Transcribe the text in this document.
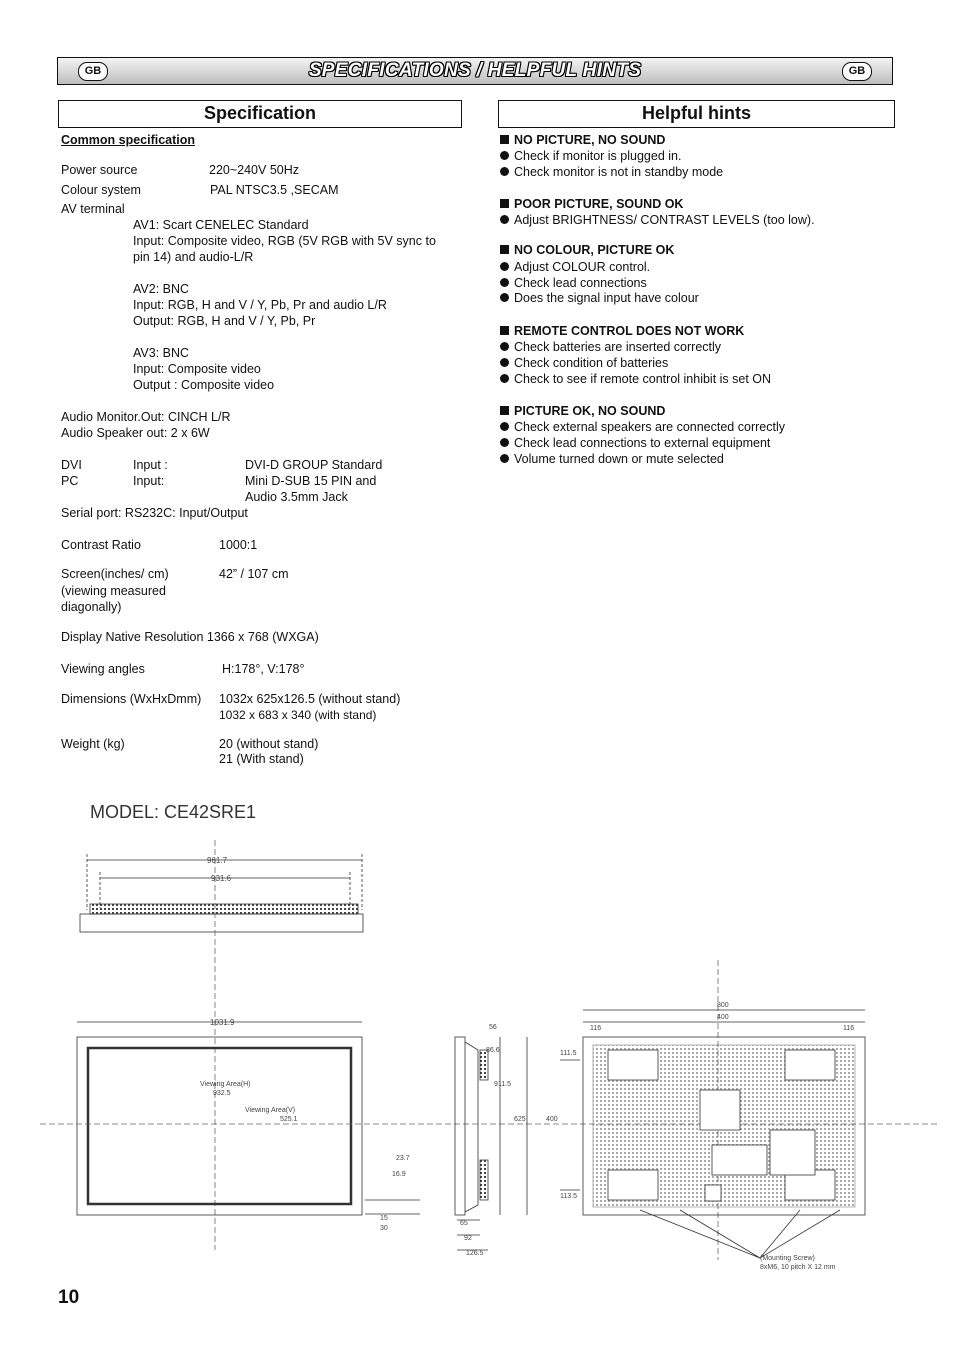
GB	SPECIFICATIONS / HELPFUL HINTS	GB
Specification	Helpful hints
Common specification
Power source	220~240V 50Hz
Colour system	PAL NTSC3.5 ,SECAM
AV terminal
AV1: Scart CENELEC Standard
Input: Composite video, RGB (5V RGB with 5V sync to
pin 14) and audio-L/R
AV2: BNC
Input: RGB, H and V / Y, Pb, Pr and audio L/R
Output: RGB, H and V / Y, Pb, Pr
AV3: BNC
Input: Composite video
Output : Composite video
Audio Monitor.Out: CINCH L/R
Audio Speaker out: 2 x 6W
DVI	Input :	DVI-D GROUP Standard
PC	Input:	Mini D-SUB 15 PIN and
Audio 3.5mm Jack
Serial port: RS232C: Input/Output
Contrast Ratio	1000:1
Screen(inches/ cm)	42” / 107 cm
(viewing measured
diagonally)
Display Native Resolution 1366 x 768 (WXGA)
Viewing angles	H:178°, V:178°
Dimensions (WxHxDmm) 1032x 625x126.5 (without stand)
1032 x 683 x 340 (with stand)
Weight (kg)	20 (without stand)
21 (With stand)
NO PICTURE, NO SOUND
Check if monitor is plugged in.
Check monitor is not in standby mode
POOR PICTURE, SOUND OK
Adjust BRIGHTNESS/ CONTRAST LEVELS (too low).
NO COLOUR, PICTURE OK
Adjust COLOUR control.
Check lead connections
Does the signal input have colour
REMOTE CONTROL DOES NOT WORK
Check batteries are inserted correctly
Check condition of batteries
Check to see if remote control inhibit is set ON
PICTURE OK, NO SOUND
Check external speakers are connected correctly
Check lead connections to external equipment
Volume turned down or mute selected
MODEL: CE42SRE1
961.7
931.6
1031.9
Viewing Area(H)
932.5
Viewing Area(V)
525.1
56
86.6
911.5
625
23.7
16.9
15
30
65
92
126.5
800
400
116	116
111.5
400
113.5
(Mounting Screw)
8xM6, 10 pitch X 12 mm
10
